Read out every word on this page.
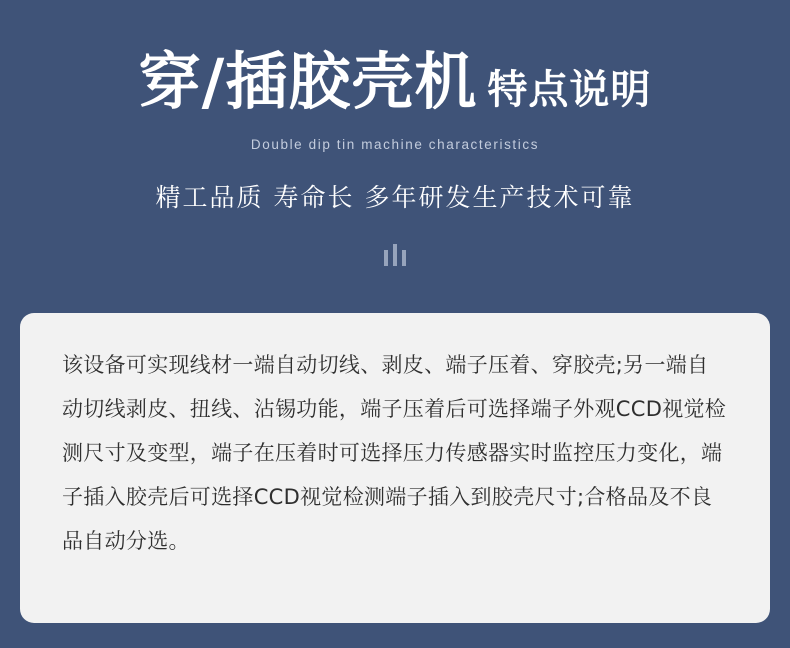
穿/插胶壳机 特点说明
Double dip tin machine characteristics
精工品质 寿命长 多年研发生产技术可靠
该设备可实现线材一端自动切线、剥皮、端子压着、穿胶壳;另一端自动切线剥皮、扭线、沾锡功能，端子压着后可选择端子外观CCD视觉检测尺寸及变型，端子在压着时可选择压力传感器实时监控压力变化，端子插入胶壳后可选择CCD视觉检测端子插入到胶壳尺寸;合格品及不良品自动分选。
